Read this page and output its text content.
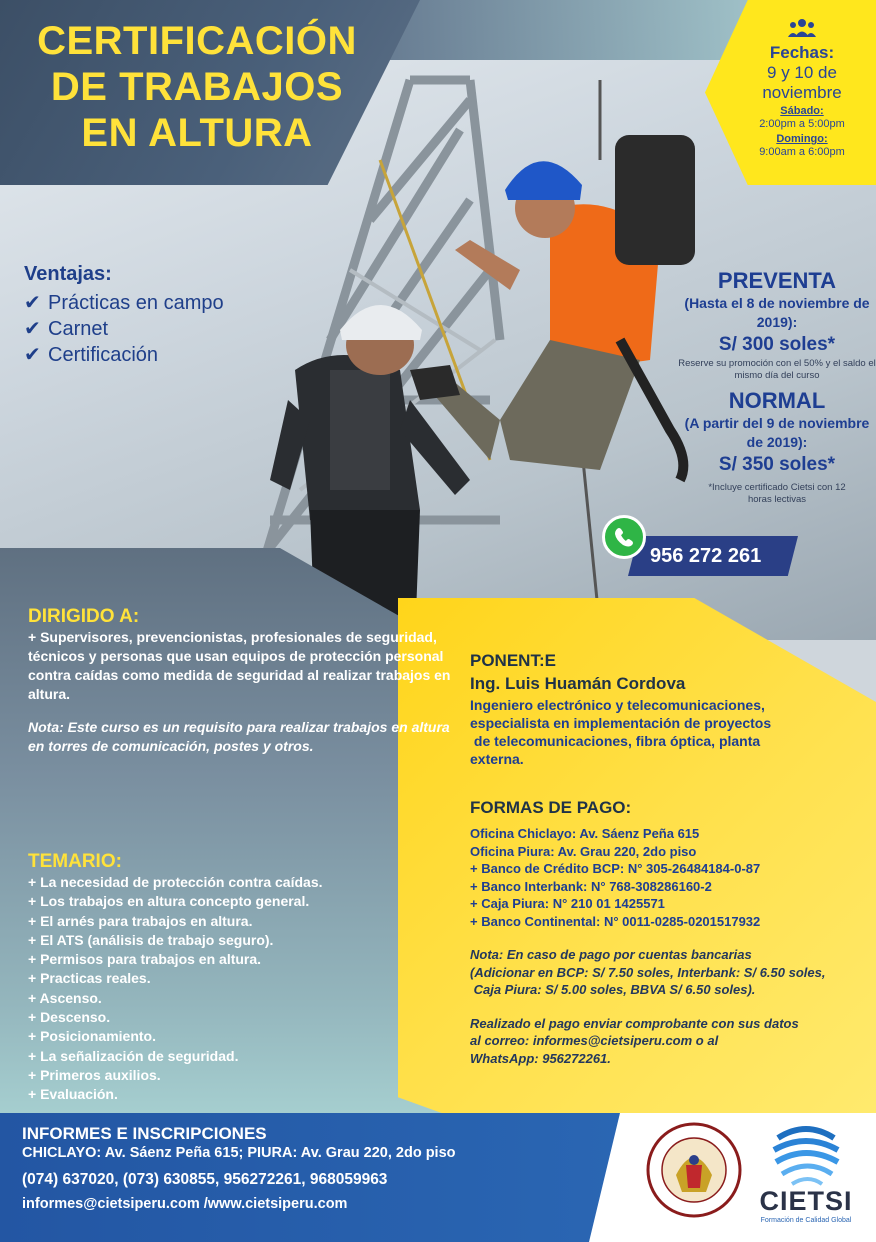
CERTIFICACIÓN
DE TRABAJOS
EN ALTURA
Fechas:
9 y 10 de noviembre
Sábado:
2:00pm a 5:00pm
Domingo:
9:00am a 6:00pm
Ventajas:
✔ Prácticas en campo
✔ Carnet
✔ Certificación
PREVENTA
(Hasta el 8 de noviembre de 2019):
S/ 300 soles*
Reserve su promoción con el 50% y el saldo el mismo día del curso
NORMAL
(A partir del 9 de noviembre de 2019):
S/ 350 soles*
*Incluye certificado Cietsi con 12 horas lectivas
956 272 261
DIRIGIDO A:
+ Supervisores, prevencionistas, profesionales de seguridad, técnicos y personas que usan equipos de protección personal contra caídas como medida de seguridad al realizar trabajos en altura.
Nota: Este curso es un requisito para realizar trabajos en altura en torres de comunicación, postes y otros.
TEMARIO:
+ La necesidad de protección contra caídas.
+ Los trabajos en altura concepto general.
+ El arnés para trabajos en altura.
+ El ATS (análisis de trabajo seguro).
+ Permisos para trabajos en altura.
+ Practicas reales.
+ Ascenso.
+ Descenso.
+ Posicionamiento.
+ La señalización de seguridad.
+ Primeros auxilios.
+ Evaluación.
PONENT:E
Ing. Luis Huamán Cordova
Ingeniero electrónico y telecomunicaciones,
especialista en implementación de proyectos
de telecomunicaciones, fibra óptica, planta
externa.
FORMAS DE PAGO:
Oficina Chiclayo: Av. Sáenz Peña 615
Oficina Piura: Av. Grau 220, 2do piso
+ Banco de Crédito BCP: N° 305-26484184-0-87
+ Banco Interbank: N° 768-308286160-2
+ Caja Piura: N° 210 01 1425571
+ Banco Continental: N° 0011-0285-0201517932
Nota: En caso de pago por cuentas bancarias
(Adicionar en BCP: S/ 7.50 soles, Interbank: S/ 6.50 soles,
Caja Piura: S/ 5.00 soles, BBVA S/ 6.50 soles).
Realizado el pago enviar comprobante con sus datos
al correo: informes@cietsiperu.com o al
WhatsApp: 956272261.
INFORMES E INSCRIPCIONES
CHICLAYO: Av. Sáenz Peña 615; PIURA: Av. Grau 220, 2do piso
(074) 637020, (073) 630855, 956272261, 968059963
informes@cietsiperu.com /www.cietsiperu.com	CIETSI
Formación de Calidad Global
